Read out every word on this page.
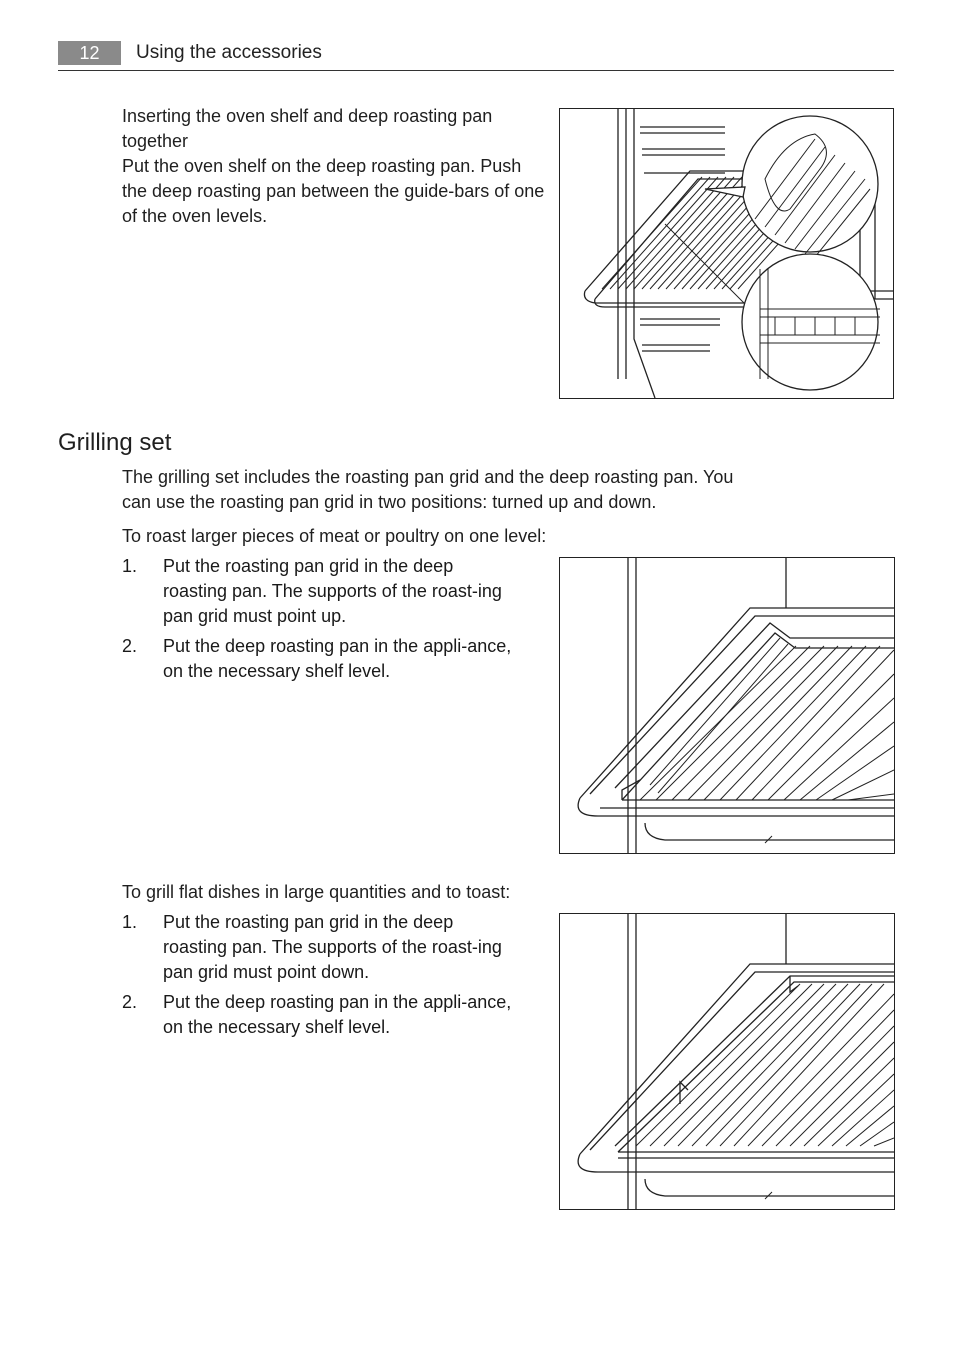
12	Using the accessories
Inserting the oven shelf and deep roasting pan together
Put the oven shelf on the deep roasting pan. Push the deep roasting pan between the guide-bars of one of the oven levels.
Grilling set
The grilling set includes the roasting pan grid and the deep roasting pan. You can use the roasting pan grid in two positions: turned up and down.
To roast larger pieces of meat or poultry on one level:
1. Put the roasting pan grid in the deep roasting pan. The supports of the roast-ing pan grid must point up.
2. Put the deep roasting pan in the appli-ance, on the necessary shelf level.
To grill flat dishes in large quantities and to toast:
1. Put the roasting pan grid in the deep roasting pan. The supports of the roast-ing pan grid must point down.
2. Put the deep roasting pan in the appli-ance, on the necessary shelf level.
